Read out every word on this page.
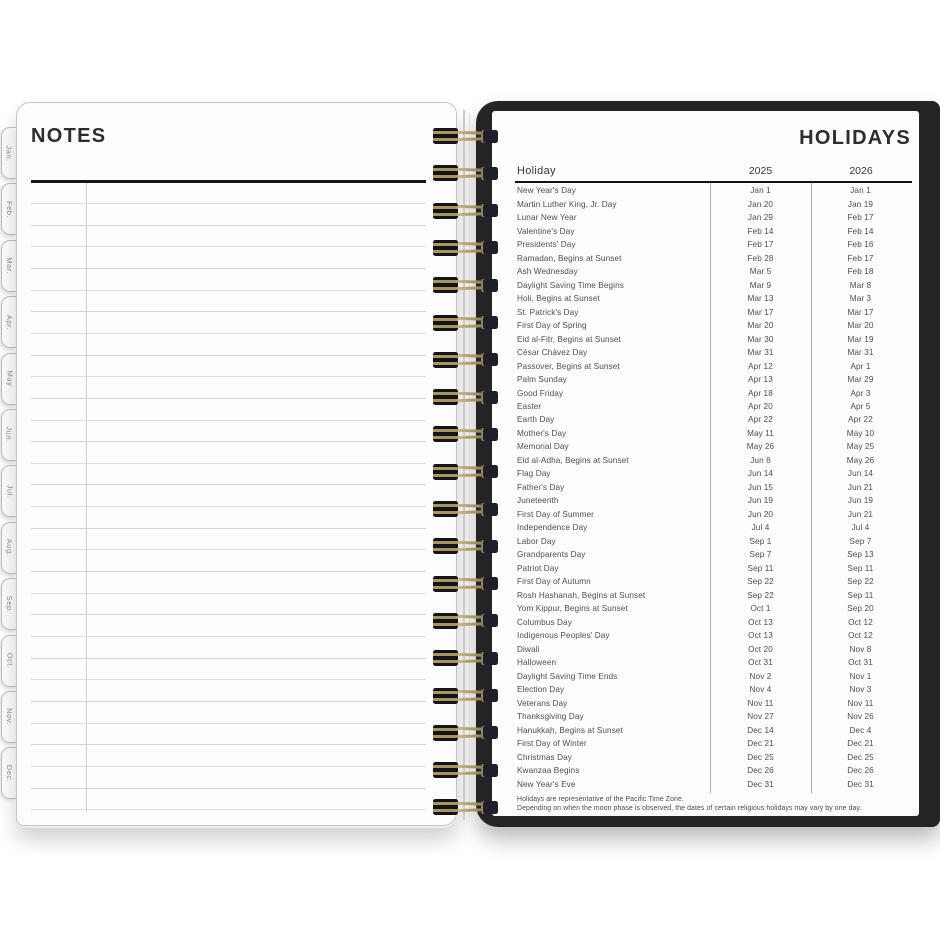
Jan.
Feb.
Mar.
Apr.
May
Jun.
Jul.
Aug.
Sep.
Oct.
Nov.
Dec.
NOTES	HOLIDAYS
Holiday	2025	2026
New Year's Day	Jan 1	Jan 1
Martin Luther King, Jr. Day	Jan 20	Jan 19
Lunar New Year	Jan 29	Feb 17
Valentine's Day	Feb 14	Feb 14
Presidents' Day	Feb 17	Feb 16
Ramadan, Begins at Sunset	Feb 28	Feb 17
Ash Wednesday	Mar 5	Feb 18
Daylight Saving Time Begins	Mar 9	Mar 8
Holi, Begins at Sunset	Mar 13	Mar 3
St. Patrick's Day	Mar 17	Mar 17
First Day of Spring	Mar 20	Mar 20
Eid al-Fitr, Begins at Sunset	Mar 30	Mar 19
César Chávez Day	Mar 31	Mar 31
Passover, Begins at Sunset	Apr 12	Apr 1
Palm Sunday	Apr 13	Mar 29
Good Friday	Apr 18	Apr 3
Easter	Apr 20	Apr 5
Earth Day	Apr 22	Apr 22
Mother's Day	May 11	May 10
Memorial Day	May 26	May 25
Eid al-Adha, Begins at Sunset	Jun 6	May 26
Flag Day	Jun 14	Jun 14
Father's Day	Jun 15	Jun 21
Juneteenth	Jun 19	Jun 19
First Day of Summer	Jun 20	Jun 21
Independence Day	Jul 4	Jul 4
Labor Day	Sep 1	Sep 7
Grandparents Day	Sep 7	Sep 13
Patriot Day	Sep 11	Sep 11
First Day of Autumn	Sep 22	Sep 22
Rosh Hashanah, Begins at Sunset	Sep 22	Sep 11
Yom Kippur, Begins at Sunset	Oct 1	Sep 20
Columbus Day	Oct 13	Oct 12
Indigenous Peoples' Day	Oct 13	Oct 12
Diwali	Oct 20	Nov 8
Halloween	Oct 31	Oct 31
Daylight Saving Time Ends	Nov 2	Nov 1
Election Day	Nov 4	Nov 3
Veterans Day	Nov 11	Nov 11
Thanksgiving Day	Nov 27	Nov 26
Hanukkah, Begins at Sunset	Dec 14	Dec 4
First Day of Winter	Dec 21	Dec 21
Christmas Day	Dec 25	Dec 25
Kwanzaa Begins	Dec 26	Dec 26
New Year's Eve	Dec 31	Dec 31
Holidays are representative of the Pacific Time Zone.
Depending on when the moon phase is observed, the dates of certain religious holidays may vary by one day.
